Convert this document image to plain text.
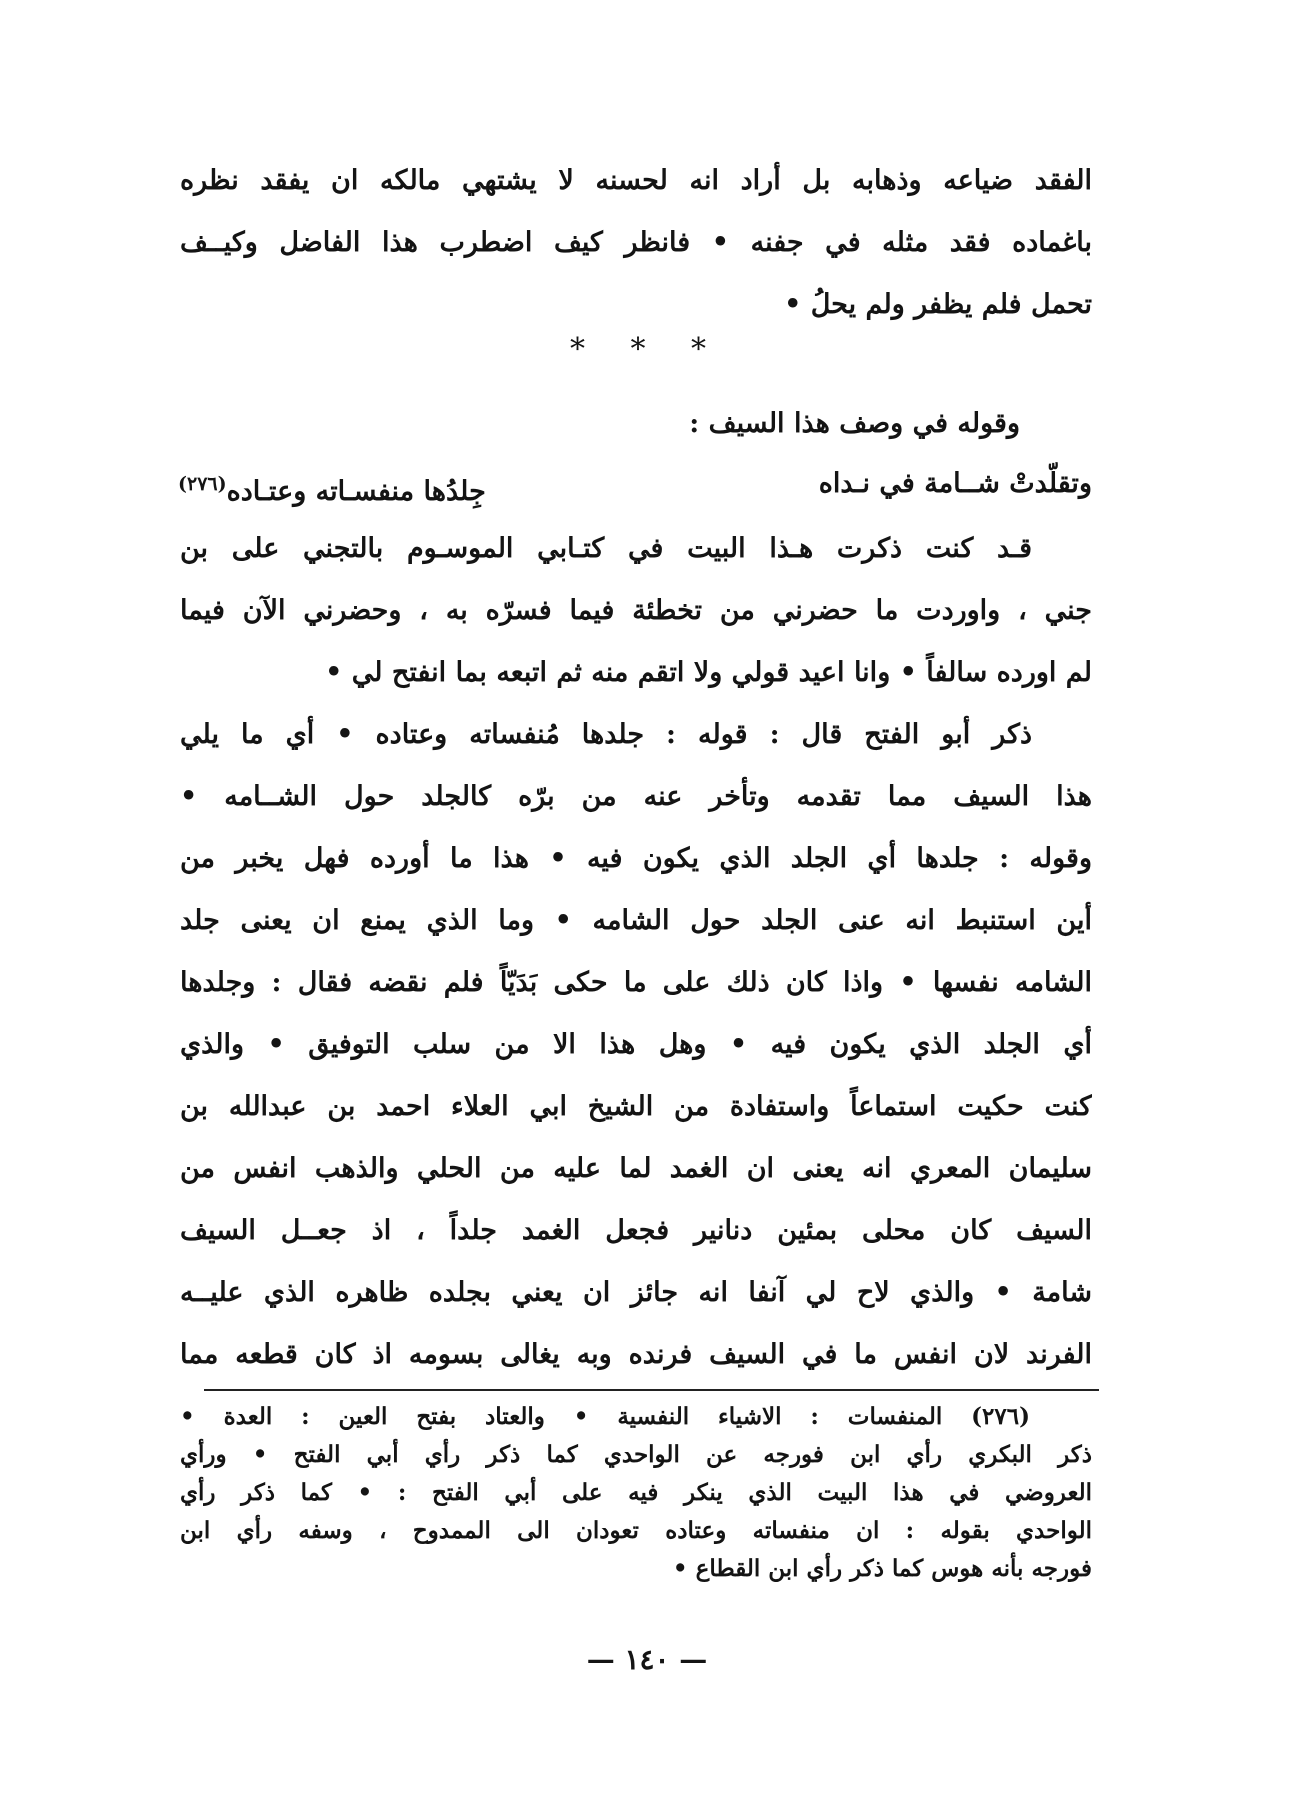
الفقد ضياعه وذهابه بل أراد انه لحسنه لا يشتهي مالكه ان يفقد نظره
باغماده فقد مثله في جفنه • فانظر كيف اضطرب هذا الفاضل وكيــف
تحمل فلم يظفر ولم يحلُ •
* * *
وقوله في وصف هذا السيف :
وتقلّدتْ شــامة في نـداه
جِلدُها منفسـاته وعتـاده$^{(٢٧٦)}$
قـد كنت ذكرت هـذا البيت في كتـابي الموسـوم بالتجني على بن
جني ، واوردت ما حضرني من تخطئة فيما فسرّه به ، وحضرني الآن فيما
لم اورده سالفاً • وانا اعيد قولي ولا اتقم منه ثم اتبعه بما انفتح لي •
ذكر أبو الفتح قال : قوله : جلدها مُنفساته وعتاده • أي ما يلي
هذا السيف مما تقدمه وتأخر عنه من برّه كالجلد حول الشــامه •
وقوله : جلدها أي الجلد الذي يكون فيه • هذا ما أورده فهل يخبر من
أين استنبط انه عنى الجلد حول الشامه • وما الذي يمنع ان يعنى جلد
الشامه نفسها • واذا كان ذلك على ما حكى بَدَيّاً فلم نقضه فقال : وجلدها
أي الجلد الذي يكون فيه • وهل هذا الا من سلب التوفيق • والذي
كنت حكيت استماعاً واستفادة من الشيخ ابي العلاء احمد بن عبدالله بن
سليمان المعري انه يعنى ان الغمد لما عليه من الحلي والذهب انفس من
السيف كان محلى بمئين دنانير فجعل الغمد جلداً ، اذ جعــل السيف
شامة • والذي لاح لي آنفا انه جائز ان يعني بجلده ظاهره الذي عليــه
الفرند لان انفس ما في السيف فرنده وبه يغالى بسومه اذ كان قطعه مما
(٢٧٦) المنفسات : الاشياء النفسية • والعتاد بفتح العين : العدة •
ذكر البكري رأي ابن فورجه عن الواحدي كما ذكر رأي أبي الفتح • ورأي
العروضي في هذا البيت الذي ينكر فيه على أبي الفتح : • كما ذكر رأي
الواحدي بقوله : ان منفساته وعتاده تعودان الى الممدوح ، وسفه رأي ابن
فورجه بأنه هوس كما ذكر رأي ابن القطاع •
— ١٤٠ —
